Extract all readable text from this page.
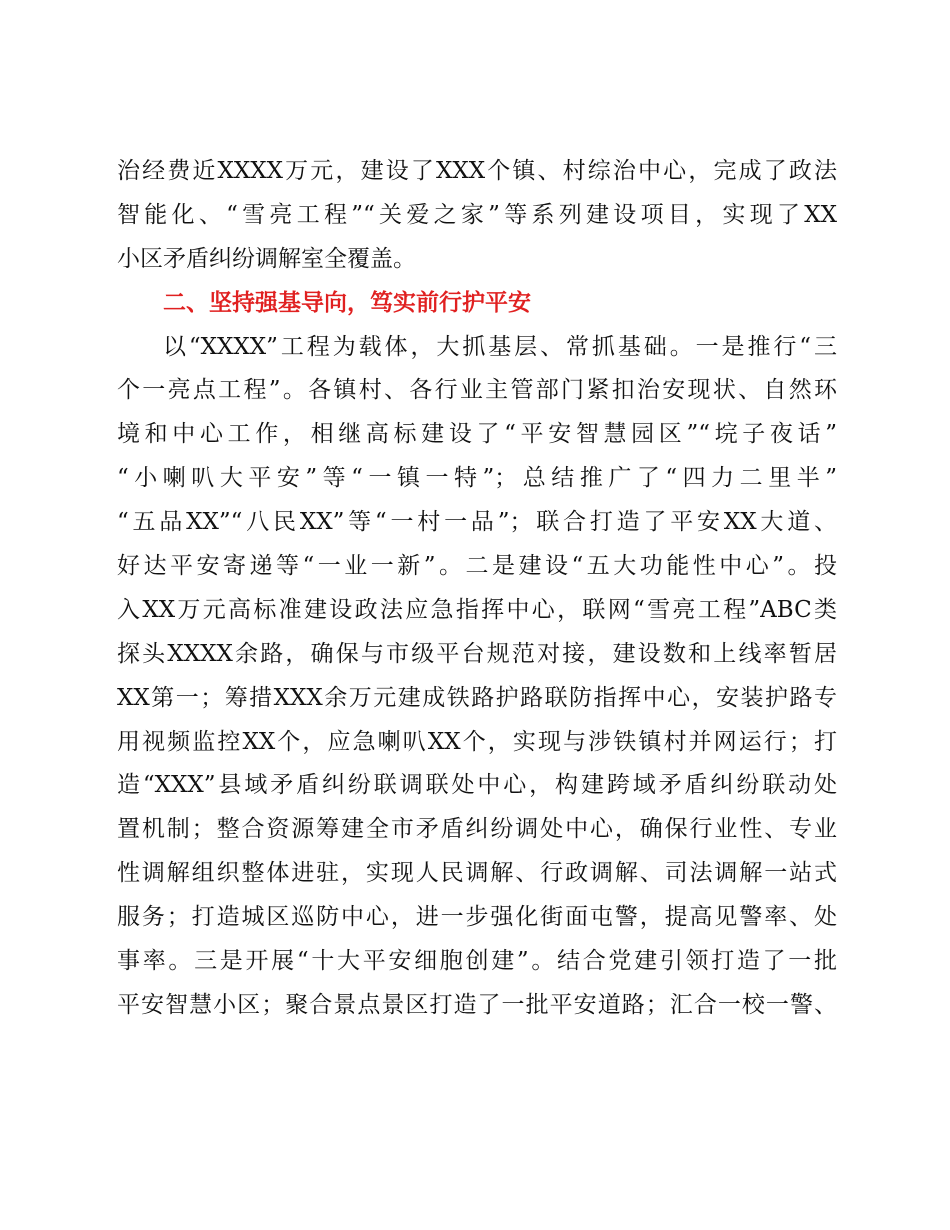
治经费近XXXX万元，建设了XXX个镇、村综治中心，完成了政法
智能化、“雪亮工程”“关爱之家”等系列建设项目，实现了XX
小区矛盾纠纷调解室全覆盖。
二、坚持强基导向，笃实前行护平安
以“XXXX”工程为载体，大抓基层、常抓基础。一是推行“三
个一亮点工程”。各镇村、各行业主管部门紧扣治安现状、自然环
境和中心工作，相继高标建设了“平安智慧园区”“垸子夜话”
“小喇叭大平安”等“一镇一特”；总结推广了“四力二里半”
“五品XX”“八民XX”等“一村一品”；联合打造了平安XX大道、
好达平安寄递等“一业一新”。二是建设“五大功能性中心”。投
入XX万元高标准建设政法应急指挥中心，联网“雪亮工程”ABC类
探头XXXX余路，确保与市级平台规范对接，建设数和上线率暂居
XX第一；筹措XXX余万元建成铁路护路联防指挥中心，安装护路专
用视频监控XX个，应急喇叭XX个，实现与涉铁镇村并网运行；打
造“XXX”县域矛盾纠纷联调联处中心，构建跨域矛盾纠纷联动处
置机制；整合资源筹建全市矛盾纠纷调处中心，确保行业性、专业
性调解组织整体进驻，实现人民调解、行政调解、司法调解一站式
服务；打造城区巡防中心，进一步强化街面屯警，提高见警率、处
事率。三是开展“十大平安细胞创建”。结合党建引领打造了一批
平安智慧小区；聚合景点景区打造了一批平安道路；汇合一校一警、
